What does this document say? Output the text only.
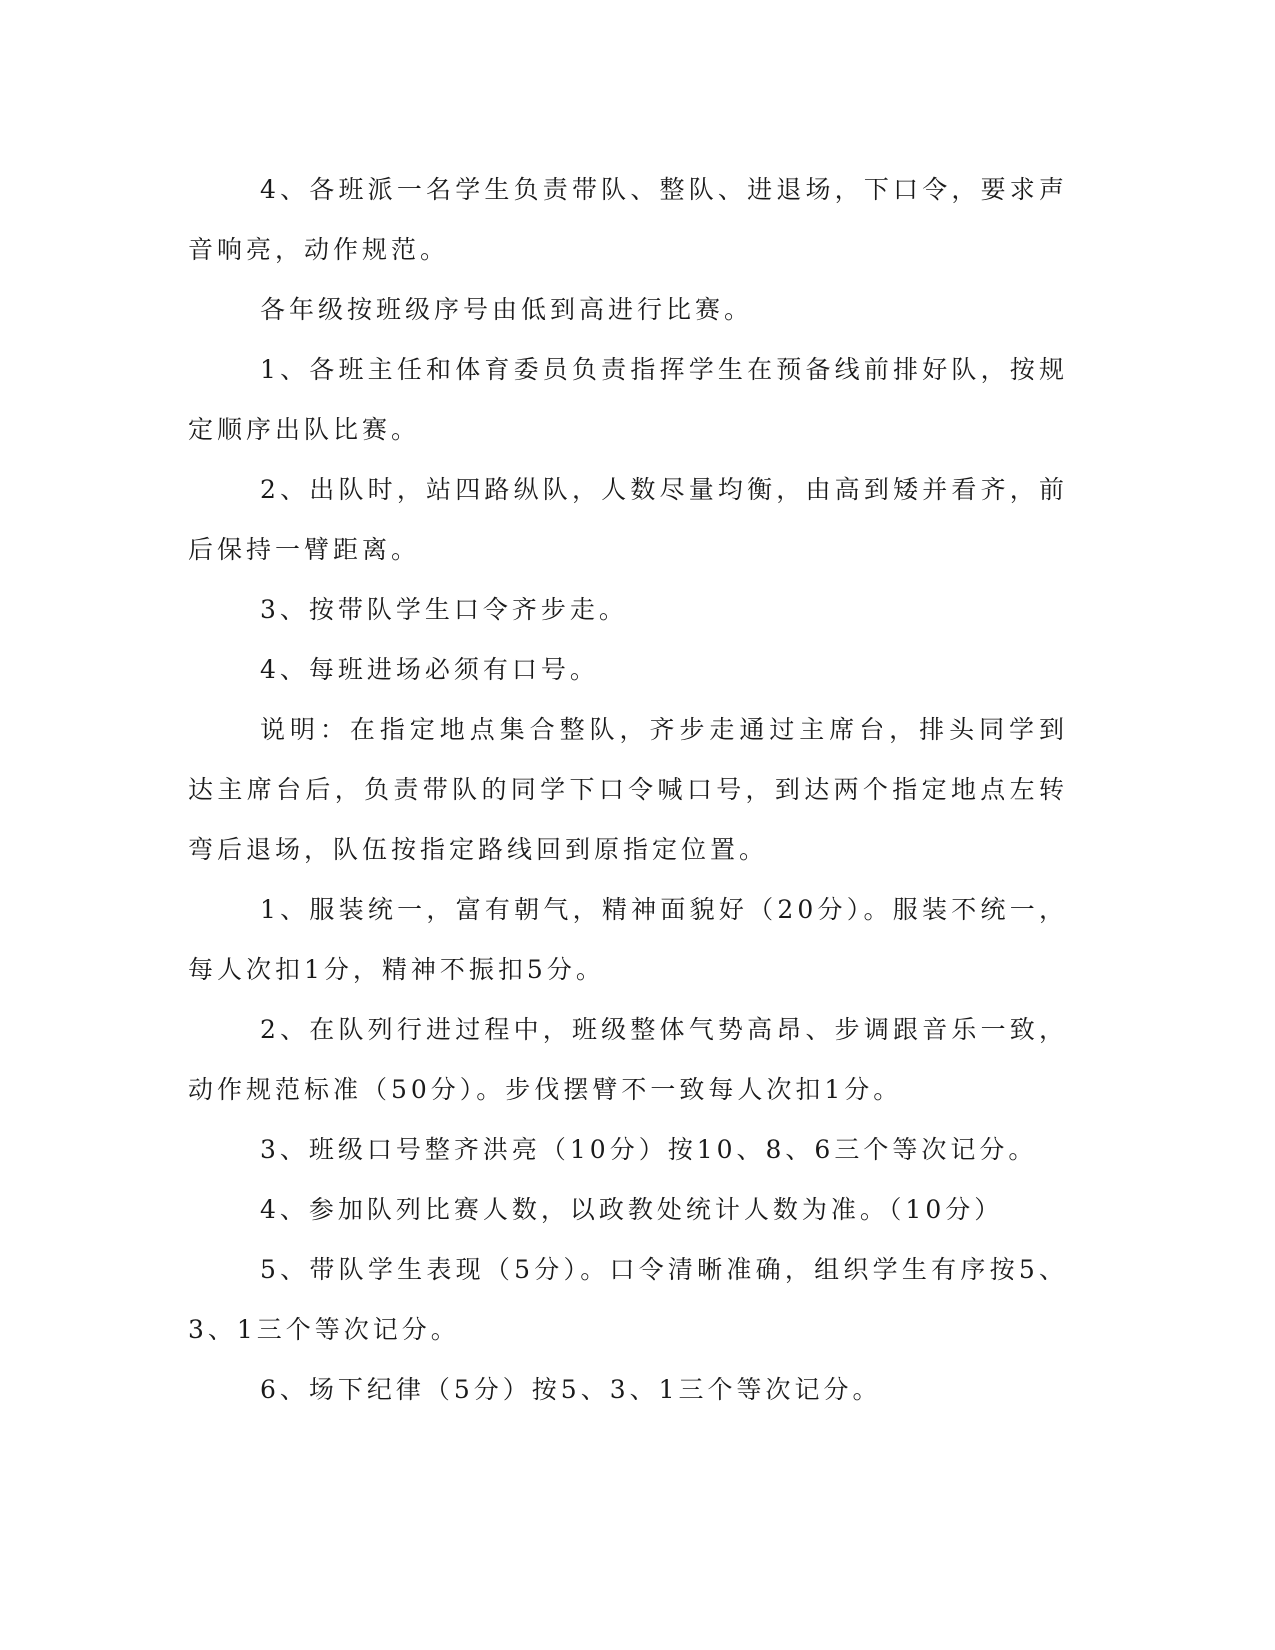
4、各班派一名学生负责带队、整队、进退场，下口令，要求声音响亮，动作规范。

各年级按班级序号由低到高进行比赛。

1、各班主任和体育委员负责指挥学生在预备线前排好队，按规定顺序出队比赛。

2、出队时，站四路纵队，人数尽量均衡，由高到矮并看齐，前后保持一臂距离。

3、按带队学生口令齐步走。

4、每班进场必须有口号。

说明：在指定地点集合整队，齐步走通过主席台，排头同学到达主席台后，负责带队的同学下口令喊口号，到达两个指定地点左转弯后退场，队伍按指定路线回到原指定位置。

1、服装统一，富有朝气，精神面貌好（20分）。服装不统一，每人次扣1分，精神不振扣5分。

2、在队列行进过程中，班级整体气势高昂、步调跟音乐一致，动作规范标准（50分）。步伐摆臂不一致每人次扣1分。

3、班级口号整齐洪亮（10分）按10、8、6三个等次记分。

4、参加队列比赛人数，以政教处统计人数为准。（10分）

5、带队学生表现（5分）。口令清晰准确，组织学生有序按5、3、1三个等次记分。

6、场下纪律（5分）按5、3、1三个等次记分。
